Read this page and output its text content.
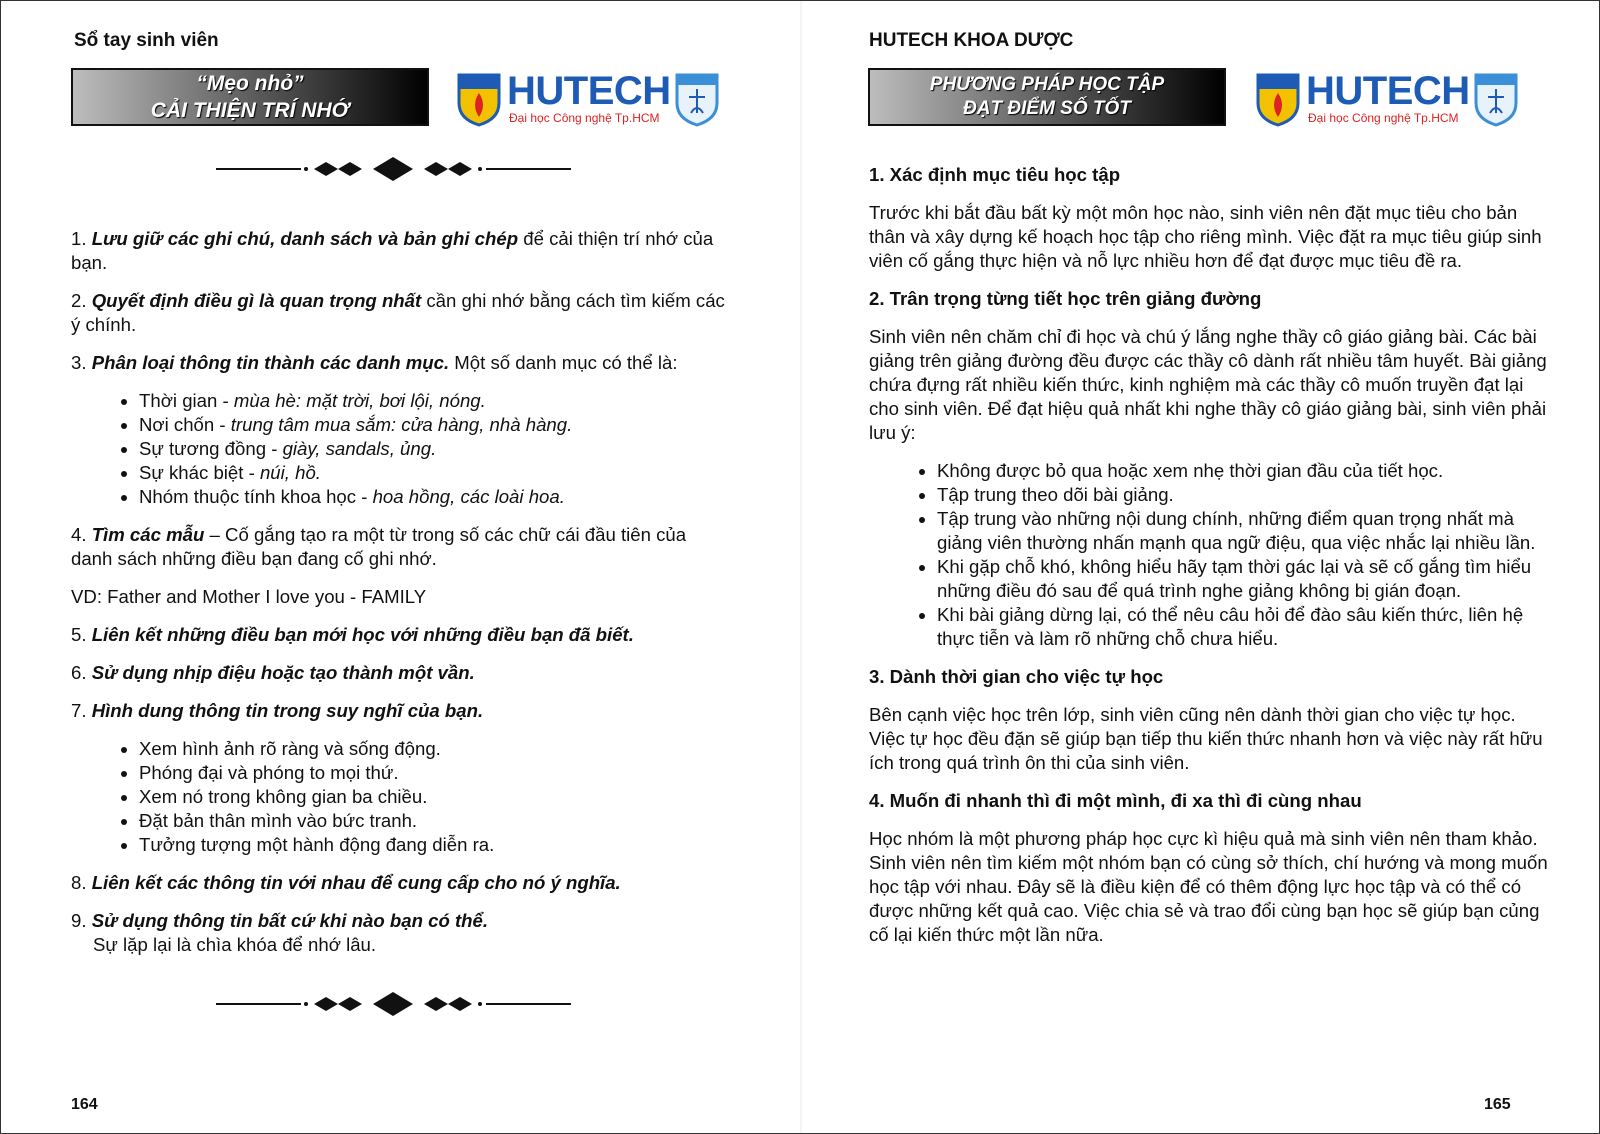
Sổ tay sinh viên
“Mẹo nhỏ”
CẢI THIỆN TRÍ NHỚ	HUTECH
Đại học Công nghệ Tp.HCM

1. Lưu giữ các ghi chú, danh sách và bản ghi chép để cải thiện trí nhớ của bạn.

2. Quyết định điều gì là quan trọng nhất cần ghi nhớ bằng cách tìm kiếm các ý chính.

3. Phân loại thông tin thành các danh mục. Một số danh mục có thể là:

• Thời gian - mùa hè: mặt trời, bơi lội, nóng.
• Nơi chốn - trung tâm mua sắm: cửa hàng, nhà hàng.
• Sự tương đồng - giày, sandals, ủng.
• Sự khác biệt - núi, hồ.
• Nhóm thuộc tính khoa học - hoa hồng, các loài hoa.

4. Tìm các mẫu – Cố gắng tạo ra một từ trong số các chữ cái đầu tiên của danh sách những điều bạn đang cố ghi nhớ.

VD: Father and Mother I love you - FAMILY

5. Liên kết những điều bạn mới học với những điều bạn đã biết.

6. Sử dụng nhịp điệu hoặc tạo thành một vần.

7. Hình dung thông tin trong suy nghĩ của bạn.

• Xem hình ảnh rõ ràng và sống động.
• Phóng đại và phóng to mọi thứ.
• Xem nó trong không gian ba chiều.
• Đặt bản thân mình vào bức tranh.
• Tưởng tượng một hành động đang diễn ra.

8. Liên kết các thông tin với nhau để cung cấp cho nó ý nghĩa.

9. Sử dụng thông tin bất cứ khi nào bạn có thể.
Sự lặp lại là chìa khóa để nhớ lâu.

164
HUTECH KHOA DƯỢC
PHƯƠNG PHÁP HỌC TẬP
ĐẠT ĐIỂM SỐ TỐT	HUTECH
Đại học Công nghệ Tp.HCM
1. Xác định mục tiêu học tập

Trước khi bắt đầu bất kỳ một môn học nào, sinh viên nên đặt mục tiêu cho bản thân và xây dựng kế hoạch học tập cho riêng mình. Việc đặt ra mục tiêu giúp sinh viên cố gắng thực hiện và nỗ lực nhiều hơn để đạt được mục tiêu đề ra.

2. Trân trọng từng tiết học trên giảng đường

Sinh viên nên chăm chỉ đi học và chú ý lắng nghe thầy cô giáo giảng bài. Các bài giảng trên giảng đường đều được các thầy cô dành rất nhiều tâm huyết. Bài giảng chứa đựng rất nhiều kiến thức, kinh nghiệm mà các thầy cô muốn truyền đạt lại cho sinh viên. Để đạt hiệu quả nhất khi nghe thầy cô giáo giảng bài, sinh viên phải lưu ý:

• Không được bỏ qua hoặc xem nhẹ thời gian đầu của tiết học.
• Tập trung theo dõi bài giảng.
• Tập trung vào những nội dung chính, những điểm quan trọng nhất mà giảng viên thường nhấn mạnh qua ngữ điệu, qua việc nhắc lại nhiều lần.
• Khi gặp chỗ khó, không hiểu hãy tạm thời gác lại và sẽ cố gắng tìm hiểu những điều đó sau để quá trình nghe giảng không bị gián đoạn.
• Khi bài giảng dừng lại, có thể nêu câu hỏi để đào sâu kiến thức, liên hệ thực tiễn và làm rõ những chỗ chưa hiểu.
3. Dành thời gian cho việc tự học

Bên cạnh việc học trên lớp, sinh viên cũng nên dành thời gian cho việc tự học. Việc tự học đều đặn sẽ giúp bạn tiếp thu kiến thức nhanh hơn và việc này rất hữu ích trong quá trình ôn thi của sinh viên.

4. Muốn đi nhanh thì đi một mình, đi xa thì đi cùng nhau

Học nhóm là một phương pháp học cực kì hiệu quả mà sinh viên nên tham khảo. Sinh viên nên tìm kiếm một nhóm bạn có cùng sở thích, chí hướng và mong muốn học tập với nhau. Đây sẽ là điều kiện để có thêm động lực học tập và có thể có được những kết quả cao. Việc chia sẻ và trao đổi cùng bạn học sẽ giúp bạn củng cố lại kiến thức một lần nữa.

165
